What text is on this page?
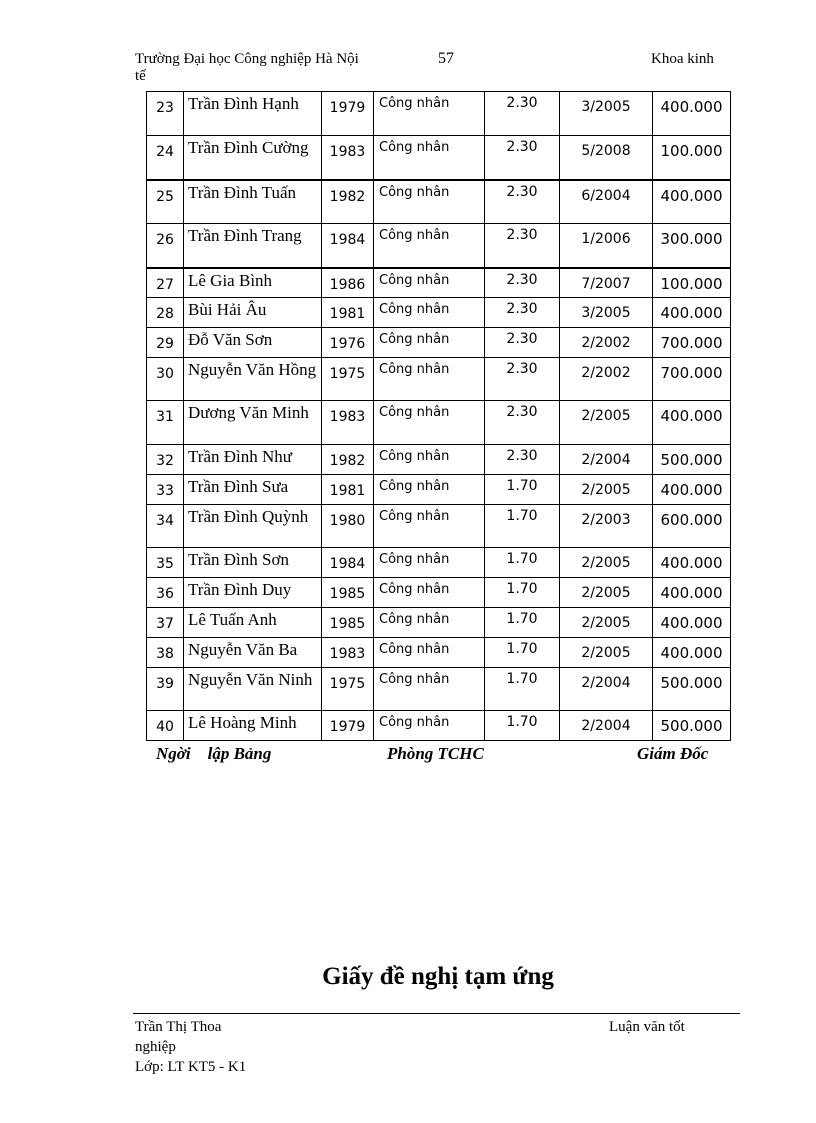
Trường Đại học Công nghiệp Hà Nội	57	Khoa kinh
tế
23	Trần Đình Hạnh	1979	Công nhân	2.30	3/2005	400.000
24	Trần Đình Cường	1983	Công nhân	2.30	5/2008	100.000
25	Trần Đình Tuấn	1982	Công nhân	2.30	6/2004	400.000
26	Trần Đình Trang	1984	Công nhân	2.30	1/2006	300.000
27	Lê Gia Bình	1986	Công nhân	2.30	7/2007	100.000
28	Bùi Hải Âu	1981	Công nhân	2.30	3/2005	400.000
29	Đỗ Văn Sơn	1976	Công nhân	2.30	2/2002	700.000
30	Nguyễn Văn Hồng	1975	Công nhân	2.30	2/2002	700.000
31	Dương Văn Minh	1983	Công nhân	2.30	2/2005	400.000
32	Trần Đình Như	1982	Công nhân	2.30	2/2004	500.000
33	Trần Đình Sưa	1981	Công nhân	1.70	2/2005	400.000
34	Trần Đình Quỳnh	1980	Công nhân	1.70	2/2003	600.000
35	Trần Đình Sơn	1984	Công nhân	1.70	2/2005	400.000
36	Trần Đình Duy	1985	Công nhân	1.70	2/2005	400.000
37	Lê Tuấn Anh	1985	Công nhân	1.70	2/2005	400.000
38	Nguyễn Văn Ba	1983	Công nhân	1.70	2/2005	400.000
39	Nguyễn Văn Ninh	1975	Công nhân	1.70	2/2004	500.000
40	Lê Hoàng Minh	1979	Công nhân	1.70	2/2004	500.000
Ngời    lập Bảng	Phòng TCHC	Giám Đốc
Giấy đề nghị tạm ứng
Trần Thị Thoa	Luận văn tốt
nghiệp
Lớp: LT KT5 - K1
